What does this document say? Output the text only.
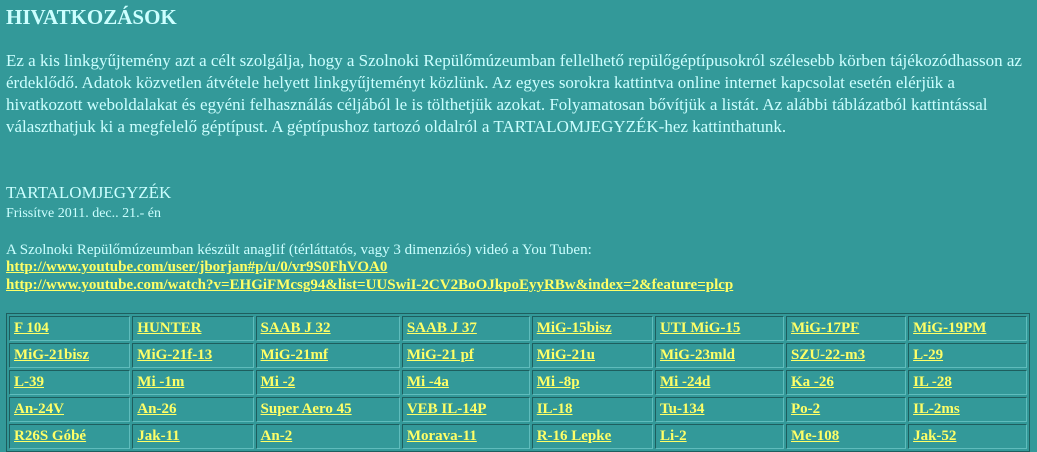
HIVATKOZÁSOK
Ez a kis linkgyűjtemény azt a célt szolgálja, hogy a Szolnoki Repülőmúzeumban fellelhető repülőgéptípusokról szélesebb körben tájékozódhasson az érdeklődő. Adatok közvetlen átvétele helyett linkgyűjteményt közlünk. Az egyes sorokra kattintva online internet kapcsolat esetén elérjük a hivatkozott weboldalakat és egyéni felhasználás céljából le is tölthetjük azokat. Folyamatosan bővítjük a listát. Az alábbi táblázatból kattintással választhatjuk ki a megfelelő géptípust. A géptípushoz tartozó oldalról a TARTALOMJEGYZÉK-hez kattinthatunk.
TARTALOMJEGYZÉK
Frissítve 2011. dec.. 21.- én
A Szolnoki Repülőmúzeumban készült anaglif (térláttatós, vagy 3 dimenziós) videó a You Tuben:
http://www.youtube.com/user/jborjan#p/u/0/vr9S0FhVOA0
http://www.youtube.com/watch?v=EHGiFMcsg94&list=UUSwiI-2CV2BoOJkpoEyyRBw&index=2&feature=plcp
F 104	HUNTER	SAAB J 32	SAAB J 37	MiG-15bisz	UTI MiG-15	MiG-17PF	MiG-19PM
MiG-21bisz	MiG-21f-13	MiG-21mf	MiG-21 pf	MiG-21u	MiG-23mld	SZU-22-m3	L-29
L-39	Mi -1m	Mi -2	Mi -4a	Mi -8p	Mi -24d	Ka -26	IL -28
An-24V	An-26	Super Aero 45	VEB IL-14P	IL-18	Tu-134	Po-2	IL-2ms
R26S Góbé	Jak-11	An-2	Morava-11	R-16 Lepke	Li-2	Me-108	Jak-52
